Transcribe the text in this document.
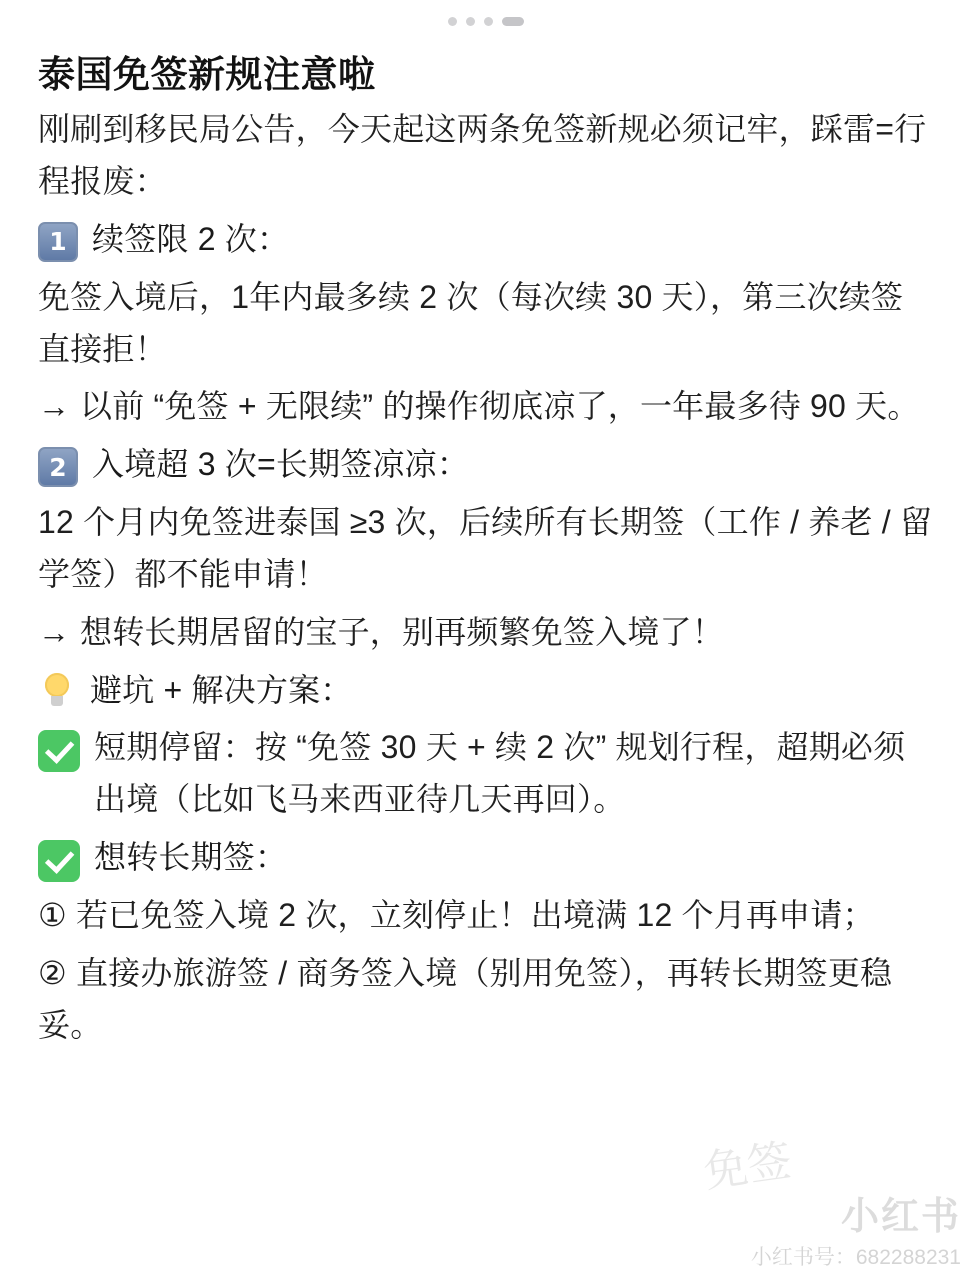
泰国免签新规注意啦

刚刷到移民局公告，今天起这两条免签新规必须记牢，踩雷=行程报废：

1 续签限 2 次：

免签入境后，1年内最多续 2 次（每次续 30 天），第三次续签直接拒！

→ 以前 “免签 + 无限续” 的操作彻底凉了，一年最多待 90 天。
2 入境超 3 次=长期签凉凉：

12 个月内免签进泰国 ≥3 次，后续所有长期签（工作 / 养老 / 留学签）都不能申请！

→ 想转长期居留的宝子，别再频繁免签入境了！
避坑 + 解决方案：
短期停留：按 “免签 30 天 + 续 2 次” 规划行程，超期必须出境（比如飞马来西亚待几天再回）。
想转长期签：

① 若已免签入境 2 次，立刻停止！出境满 12 个月再申请；

② 直接办旅游签 / 商务签入境（别用免签），再转长期签更稳妥。

免签
小红书
小红书号：682288231
